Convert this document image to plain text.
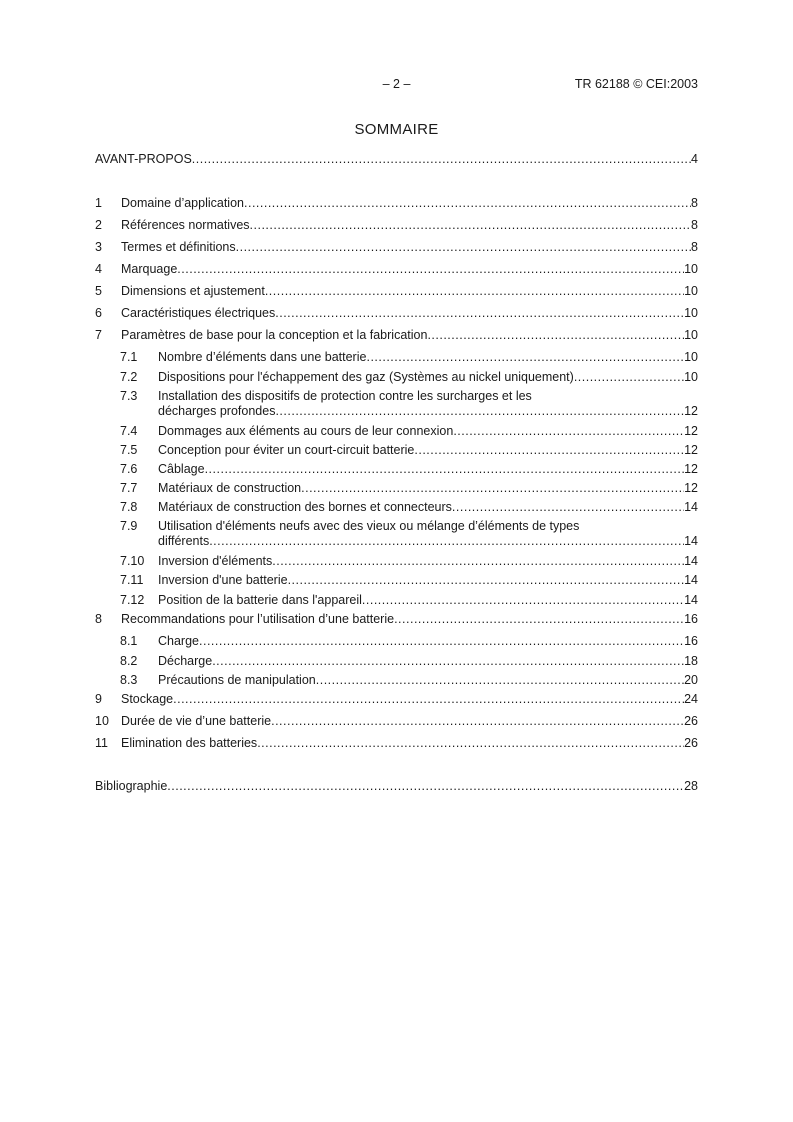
– 2 –	TR 62188 © CEI:2003
SOMMAIRE
AVANT-PROPOS .....	4
1 Domaine d’application .....	8
2 Références normatives .....	8
3 Termes et définitions .....	8
4 Marquage .....	10
5 Dimensions et ajustement .....	10
6 Caractéristiques électriques .....	10
7 Paramètres de base pour la conception et la fabrication .....	10
7.1 Nombre d’éléments dans une batterie .....	10
7.2 Dispositions pour l'échappement des gaz (Systèmes au nickel uniquement) .....	10
7.3 Installation des dispositifs de protection contre les surcharges et les
décharges profondes .....	12
7.4 Dommages aux éléments au cours de leur connexion .....	12
7.5 Conception pour éviter un court-circuit batterie .....	12
7.6 Câblage .....	12
7.7 Matériaux de construction .....	12
7.8 Matériaux de construction des bornes et connecteurs .....	14
7.9 Utilisation d'éléments neufs avec des vieux ou mélange d’éléments de types
différents .....	14
7.10 Inversion d'éléments .....	14
7.11 Inversion d'une batterie .....	14
7.12 Position de la batterie dans l'appareil .....	14
8 Recommandations pour l’utilisation d’une batterie .....	16
8.1 Charge .....	16
8.2 Décharge .....	18
8.3 Précautions de manipulation .....	20
9 Stockage .....	24
10 Durée de vie d’une batterie .....	26
11 Elimination des batteries .....	26
Bibliographie .....	28
